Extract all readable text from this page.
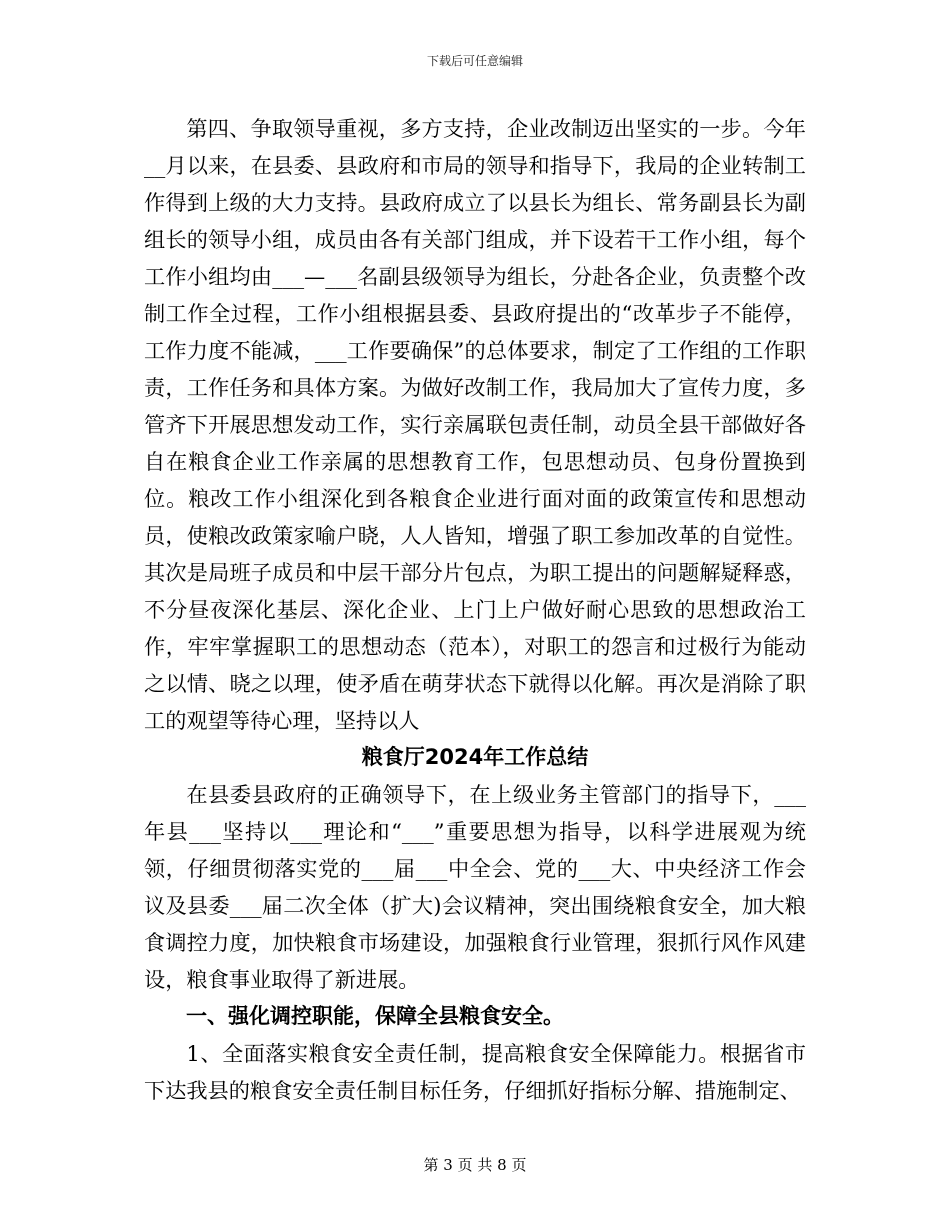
下载后可任意编辑

第四、争取领导重视，多方支持，企业改制迈出坚实的一步。今年__月以来，在县委、县政府和市局的领导和指导下，我局的企业转制工作得到上级的大力支持。县政府成立了以县长为组长、常务副县长为副组长的领导小组，成员由各有关部门组成，并下设若干工作小组，每个工作小组均由___—___名副县级领导为组长，分赴各企业，负责整个改制工作全过程，工作小组根据县委、县政府提出的“改革步子不能停，工作力度不能减，___工作要确保”的总体要求，制定了工作组的工作职责，工作任务和具体方案。为做好改制工作，我局加大了宣传力度，多管齐下开展思想发动工作，实行亲属联包责任制，动员全县干部做好各自在粮食企业工作亲属的思想教育工作，包思想动员、包身份置换到位。粮改工作小组深化到各粮食企业进行面对面的政策宣传和思想动员，使粮改政策家喻户晓，人人皆知，增强了职工参加改革的自觉性。其次是局班子成员和中层干部分片包点，为职工提出的问题解疑释惑，不分昼夜深化基层、深化企业、上门上户做好耐心思致的思想政治工作，牢牢掌握职工的思想动态（范本），对职工的怨言和过极行为能动之以情、晓之以理，使矛盾在萌芽状态下就得以化解。再次是消除了职工的观望等待心理，坚持以人

粮食厅2024年工作总结

在县委县政府的正确领导下，在上级业务主管部门的指导下，___年县___坚持以___理论和“___”重要思想为指导，以科学进展观为统领，仔细贯彻落实党的___届___中全会、党的___大、中央经济工作会议及县委___届二次全体（扩大)会议精神，突出围绕粮食安全，加大粮食调控力度，加快粮食市场建设，加强粮食行业管理，狠抓行风作风建设，粮食事业取得了新进展。

一、强化调控职能，保障全县粮食安全。

1、全面落实粮食安全责任制，提高粮食安全保障能力。根据省市下达我县的粮食安全责任制目标任务，仔细抓好指标分解、措施制定、

第 3 页 共 8 页
